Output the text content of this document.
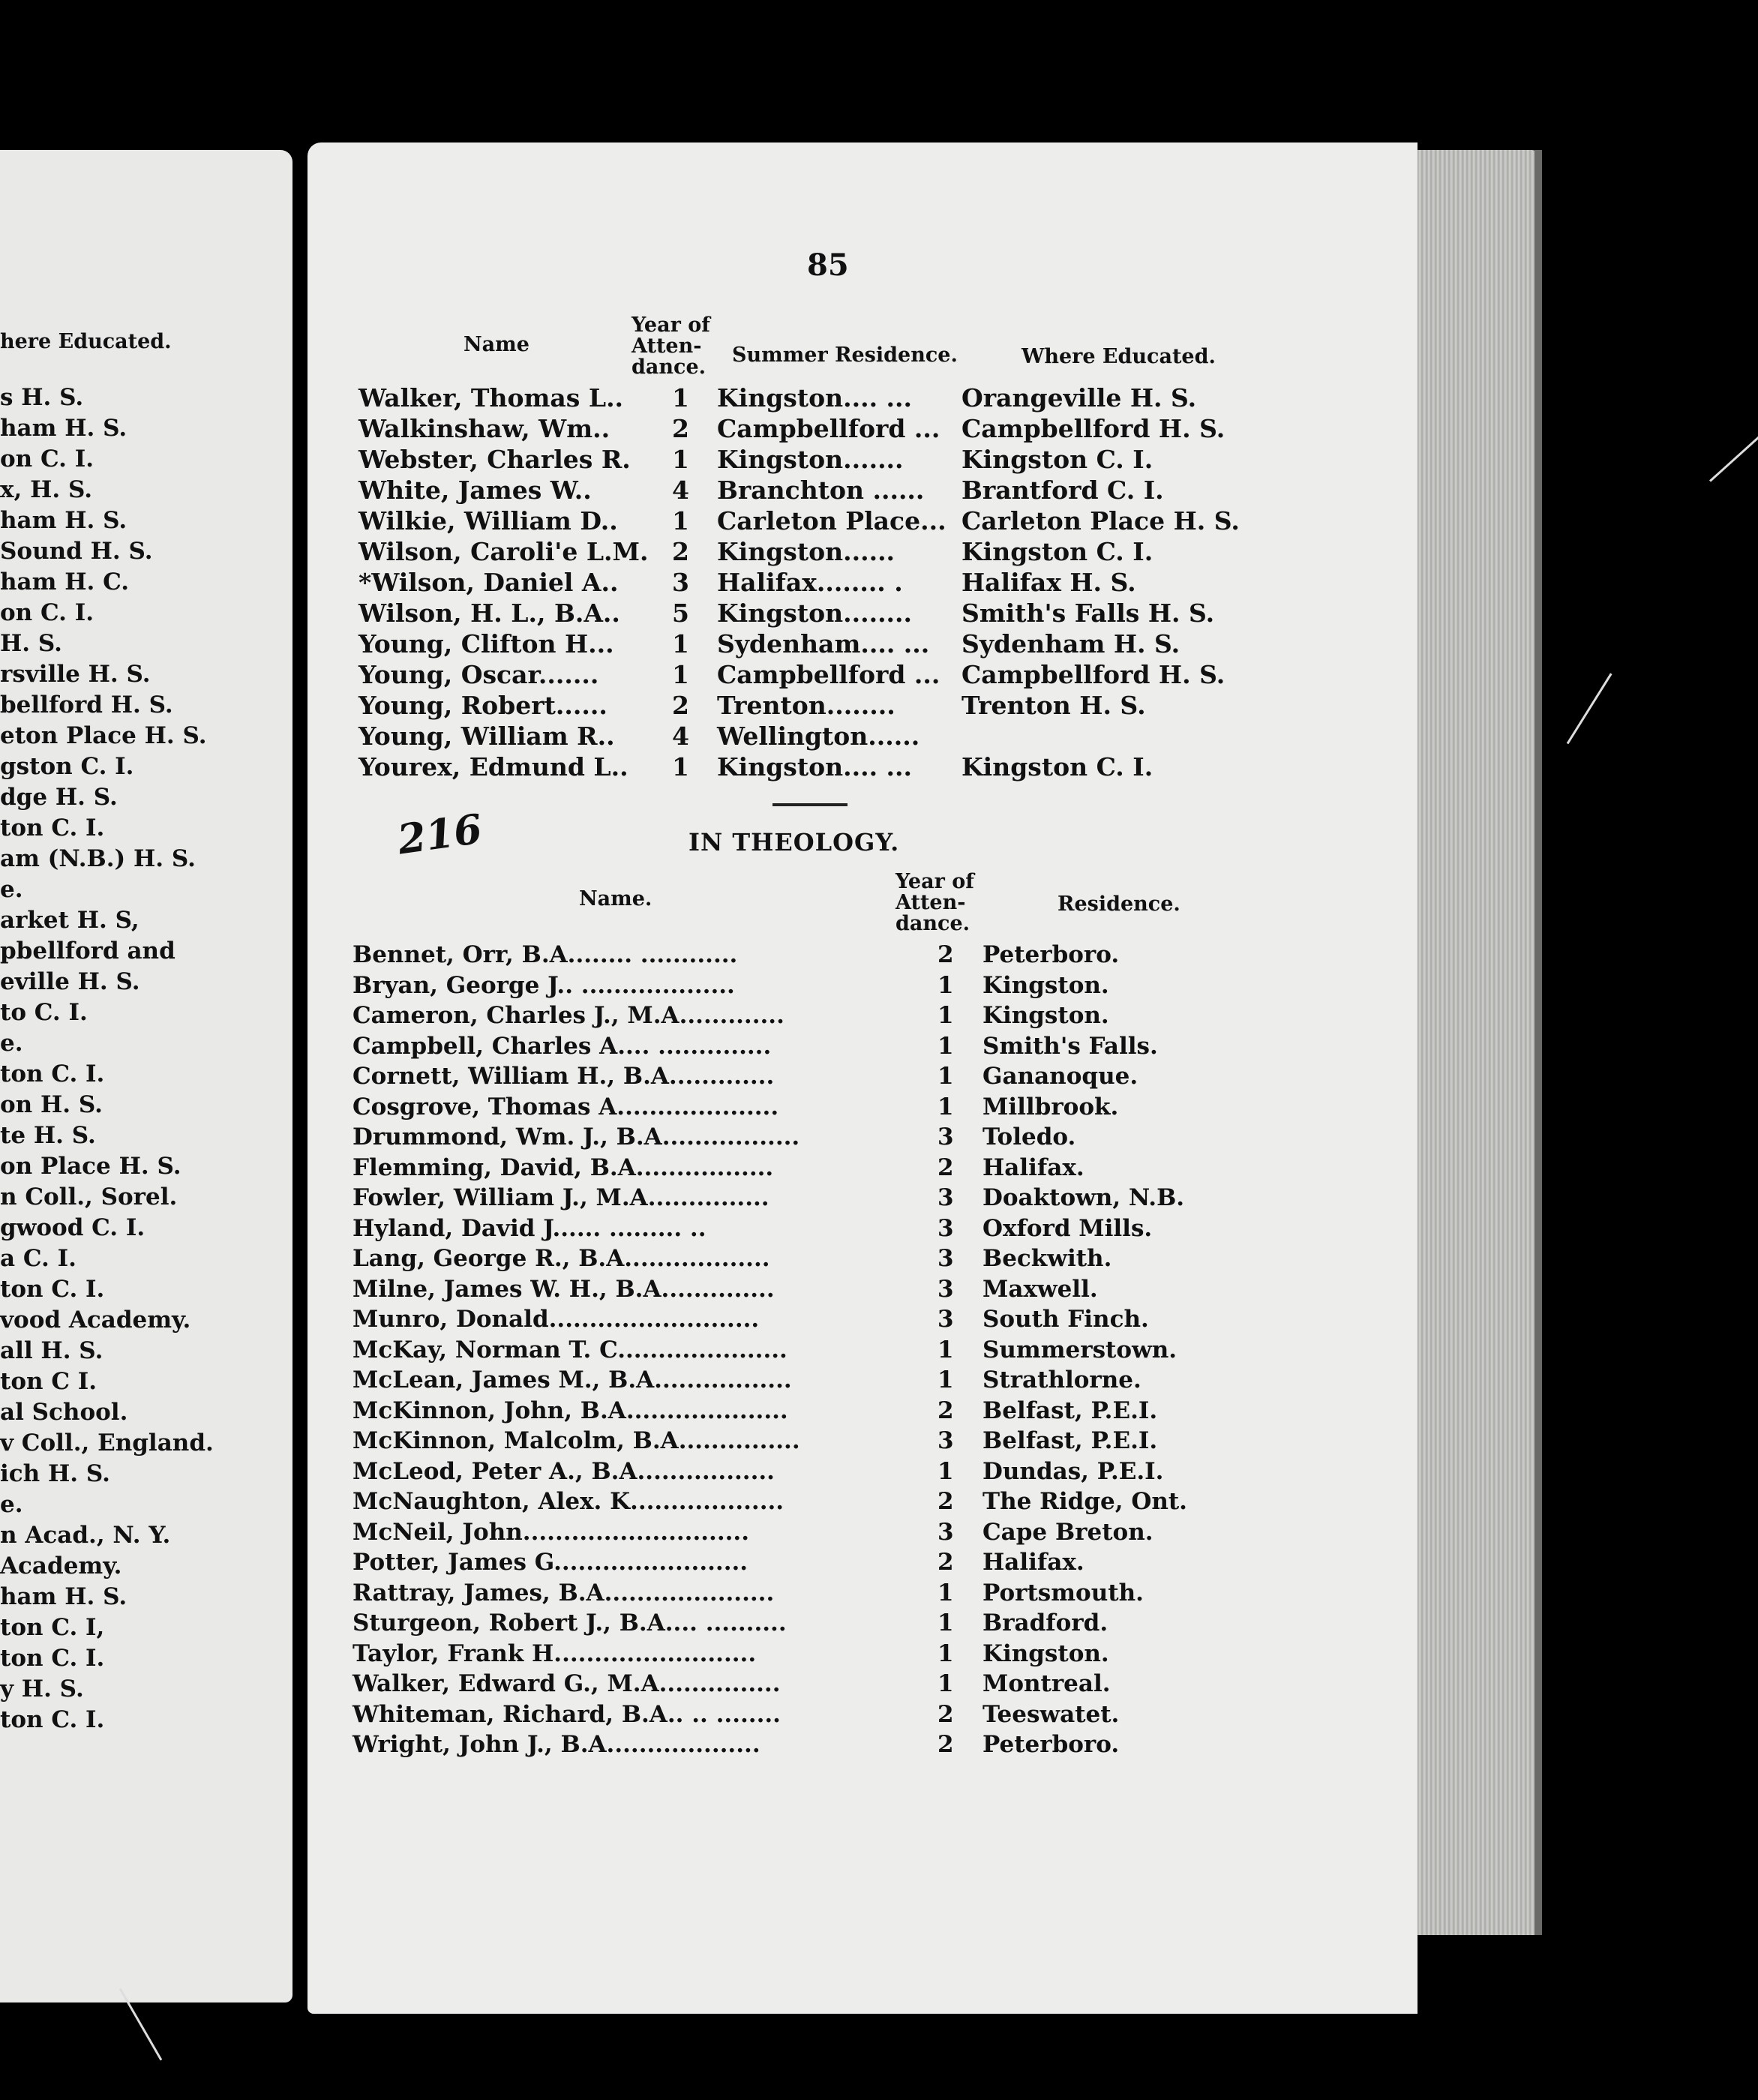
here Educated.
s H. S.
ham H. S.
on C. I.
x, H. S.
ham H. S.
Sound H. S.
ham H. C.
on C. I.
H. S.
rsville H. S.
bellford H. S.
eton Place H. S.
gston C. I.
dge H. S.
ton C. I.
am (N.B.) H. S.
e.
arket H. S,
pbellford and
eville H. S.
to C. I.
e.
ton C. I.
on H. S.
te H. S.
on Place H. S.
n Coll., Sorel.
gwood C. I.
a C. I.
ton C. I.
vood Academy.
all H. S.
ton C I.
al School.
v Coll., England.
ich H. S.
e.
n Acad., N. Y.
Academy.
ham H. S.
ton C. I,
ton C. I.
y H. S.
ton C. I.
85
Name
Year of
Atten-
dance.
Summer Residence.	Where Educated.
Walker, Thomas L.. 1 Kingston.... ... Orangeville H. S.
Walkinshaw, Wm..	2 Campbellford ... Campbellford H. S.
Webster, Charles R. 1 Kingston....... Kingston C. I.
White, James W..	4 Branchton ...... Brantford C. I.
Wilkie, William D.. 1 Carleton Place... Carleton Place H. S.
Wilson, Caroli'e L.M. 2 Kingston......	Kingston C. I.
*Wilson, Daniel A.. 3 Halifax........ . Halifax H. S.
Wilson, H. L., B.A.. 5 Kingston........ Smith's Falls H. S.
Young, Clifton H... 1 Sydenham.... ... Sydenham H. S.
Young, Oscar.......	1 Campbellford ... Campbellford H. S.
Young, Robert......	2 Trenton........	Trenton H. S.
Young, William R.. 4 Wellington......
Yourex, Edmund L.. 1 Kingston.... ... Kingston C. I.
216	IN THEOLOGY.
Name.
Year of
Atten-
dance.
Residence.
Bennet, Orr, B.A........ ............	2 Peterboro.
Bryan, George J.. ...................	1 Kingston.
Cameron, Charles J., M.A.............	1 Kingston.
Campbell, Charles A.... ..............	1 Smith's Falls.
Cornett, William H., B.A.............	1 Gananoque.
Cosgrove, Thomas A....................	1 Millbrook.
Drummond, Wm. J., B.A.................	3 Toledo.
Flemming, David, B.A.................	2 Halifax.
Fowler, William J., M.A...............	3 Doaktown, N.B.
Hyland, David J...... ......... ..	3 Oxford Mills.
Lang, George R., B.A..................	3 Beckwith.
Milne, James W. H., B.A..............	3 Maxwell.
Munro, Donald..........................	3 South Finch.
McKay, Norman T. C.....................	1 Summerstown.
McLean, James M., B.A.................	1 Strathlorne.
McKinnon, John, B.A....................	2 Belfast, P.E.I.
McKinnon, Malcolm, B.A...............	3 Belfast, P.E.I.
McLeod, Peter A., B.A.................	1 Dundas, P.E.I.
McNaughton, Alex. K...................	2 The Ridge, Ont.
McNeil, John............................	3 Cape Breton.
Potter, James G........................	2 Halifax.
Rattray, James, B.A.....................	1 Portsmouth.
Sturgeon, Robert J., B.A.... ..........	1 Bradford.
Taylor, Frank H.........................	1 Kingston.
Walker, Edward G., M.A...............	1 Montreal.
Whiteman, Richard, B.A.. .. ........	2 Teeswatet.
Wright, John J., B.A...................	2 Peterboro.
